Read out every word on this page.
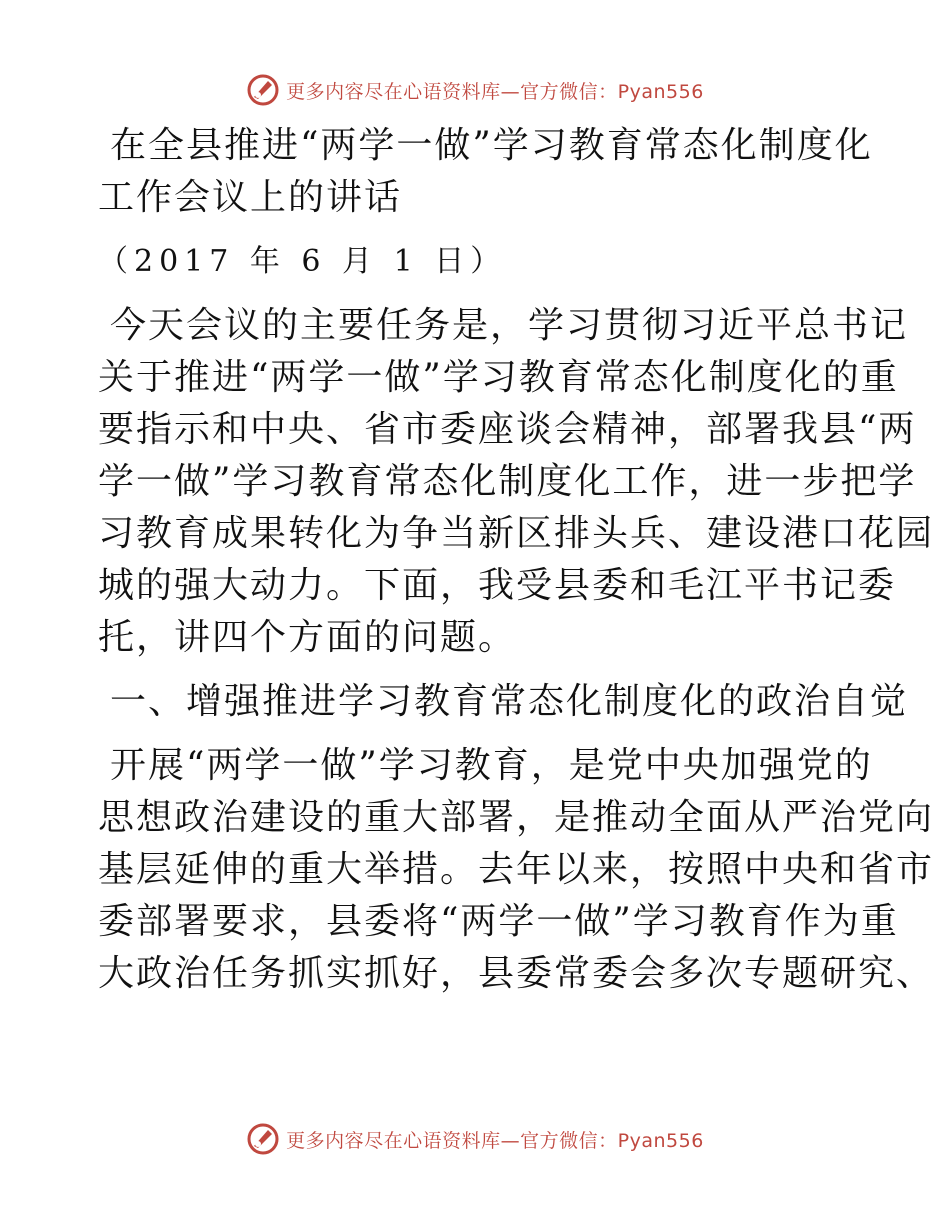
更多内容尽在心语资料库—官方微信：Pyan556
在全县推进“两学一做”学习教育常态化制度化
工作会议上的讲话
（2017 年 6 月 1 日）
今天会议的主要任务是，学习贯彻习近平总书记
关于推进“两学一做”学习教育常态化制度化的重
要指示和中央、省市委座谈会精神，部署我县“两
学一做”学习教育常态化制度化工作，进一步把学
习教育成果转化为争当新区排头兵、建设港口花园
城的强大动力。下面，我受县委和毛江平书记委
托，讲四个方面的问题。
一、增强推进学习教育常态化制度化的政治自觉
开展“两学一做”学习教育，是党中央加强党的
思想政治建设的重大部署，是推动全面从严治党向
基层延伸的重大举措。去年以来，按照中央和省市
委部署要求，县委将“两学一做”学习教育作为重
大政治任务抓实抓好，县委常委会多次专题研究、
更多内容尽在心语资料库—官方微信：Pyan556
